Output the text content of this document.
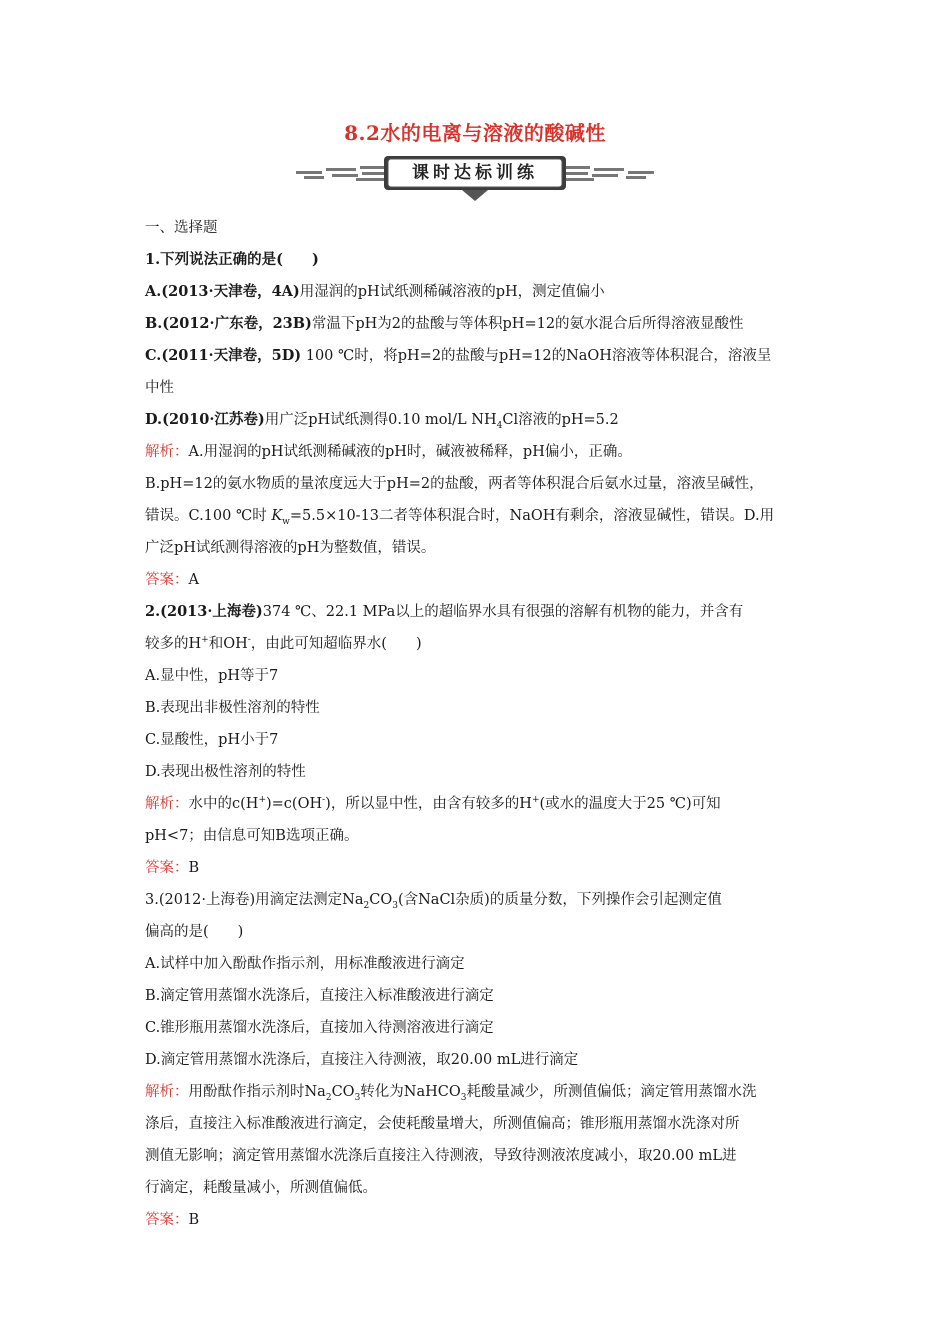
8.2水的电离与溶液的酸碱性
课时达标训练
一、选择题
1.下列说法正确的是(　　)
A.(2013·天津卷，4A)用湿润的pH试纸测稀碱溶液的pH，测定值偏小
B.(2012·广东卷，23B)常温下pH为2的盐酸与等体积pH=12的氨水混合后所得溶液显酸性
C.(2011·天津卷，5D) 100 ℃时，将pH=2的盐酸与pH=12的NaOH溶液等体积混合，溶液呈
中性
D.(2010·江苏卷)用广泛pH试纸测得0.10 mol/L $NH_4Cl$溶液的pH=5.2
解析：A.用湿润的pH试纸测稀碱液的pH时，碱液被稀释，pH偏小，正确。
B.pH=12的氨水物质的量浓度远大于pH=2的盐酸，两者等体积混合后氨水过量，溶液呈碱性，
错误。C.100 ℃时 $K_w=5.5\times 10-13$二者等体积混合时，NaOH有剩余，溶液显碱性，错误。D.用
广泛pH试纸测得溶液的pH为整数值，错误。
答案：A
2.(2013·上海卷)374 ℃、22.1 MPa以上的超临界水具有很强的溶解有机物的能力，并含有
较多的H+和OH-，由此可知超临界水(　　)
A.显中性，pH等于7
B.表现出非极性溶剂的特性
C.显酸性，pH小于7
D.表现出极性溶剂的特性
解析：水中的c(H+)=c(OH-)，所以显中性，由含有较多的H+(或水的温度大于25 ℃)可知
pH<7；由信息可知B选项正确。
答案：B
3.(2012·上海卷)用滴定法测定$Na_2CO_3$(含NaCl杂质)的质量分数，下列操作会引起测定值
偏高的是(　　)
A.试样中加入酚酞作指示剂，用标准酸液进行滴定
B.滴定管用蒸馏水洗涤后，直接注入标准酸液进行滴定
C.锥形瓶用蒸馏水洗涤后，直接加入待测溶液进行滴定
D.滴定管用蒸馏水洗涤后，直接注入待测液，取20.00 mL进行滴定
解析：用酚酞作指示剂时$Na_2CO_3$转化为NaHCO$_3$耗酸量减少，所测值偏低；滴定管用蒸馏水洗
涤后，直接注入标准酸液进行滴定，会使耗酸量增大，所测值偏高；锥形瓶用蒸馏水洗涤对所
测值无影响；滴定管用蒸馏水洗涤后直接注入待测液，导致待测液浓度减小，取20.00 mL进
行滴定，耗酸量减小，所测值偏低。
答案：B
